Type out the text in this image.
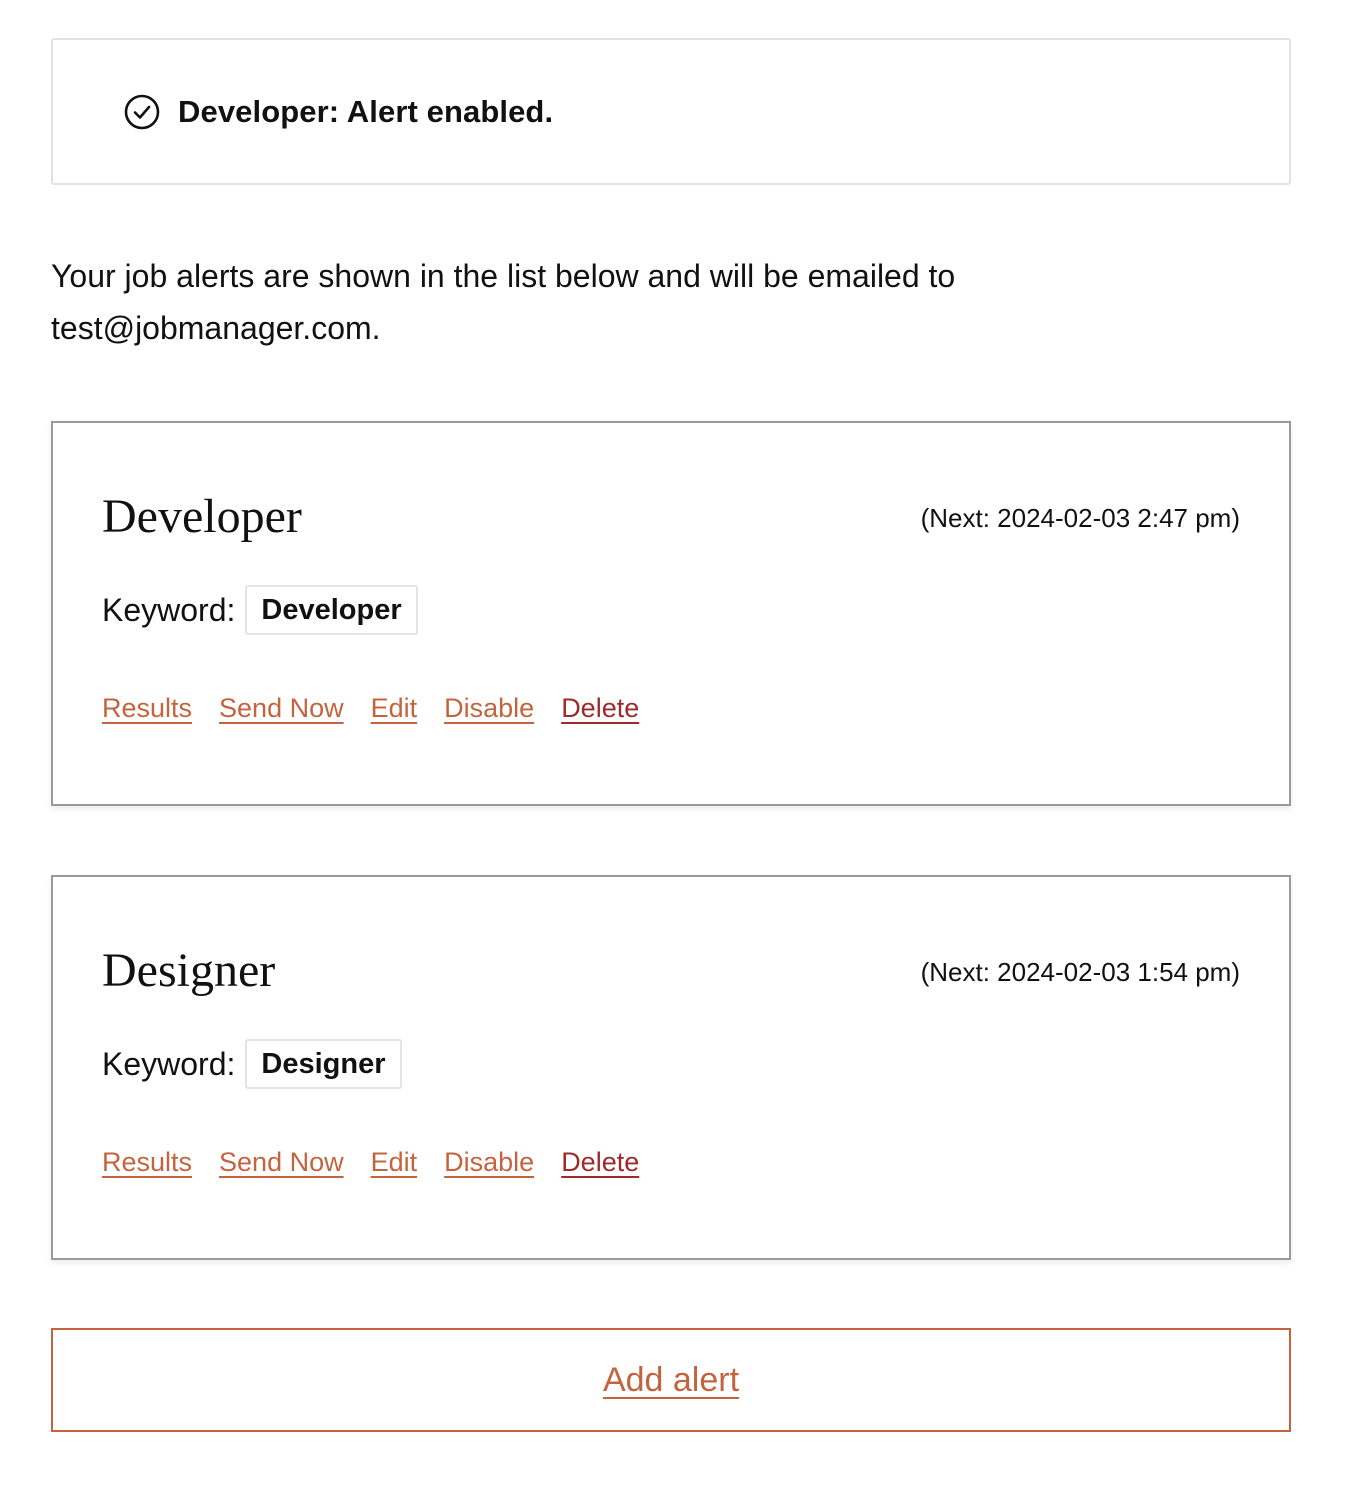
Developer: Alert enabled.

Your job alerts are shown in the list below and will be emailed to test@jobmanager.com.

Developer	(Next: 2024-02-03 2:47 pm)
Keyword: Developer
Results Send Now Edit Disable Delete
Designer	(Next: 2024-02-03 1:54 pm)
Keyword: Designer
Results Send Now Edit Disable Delete
Add alert
